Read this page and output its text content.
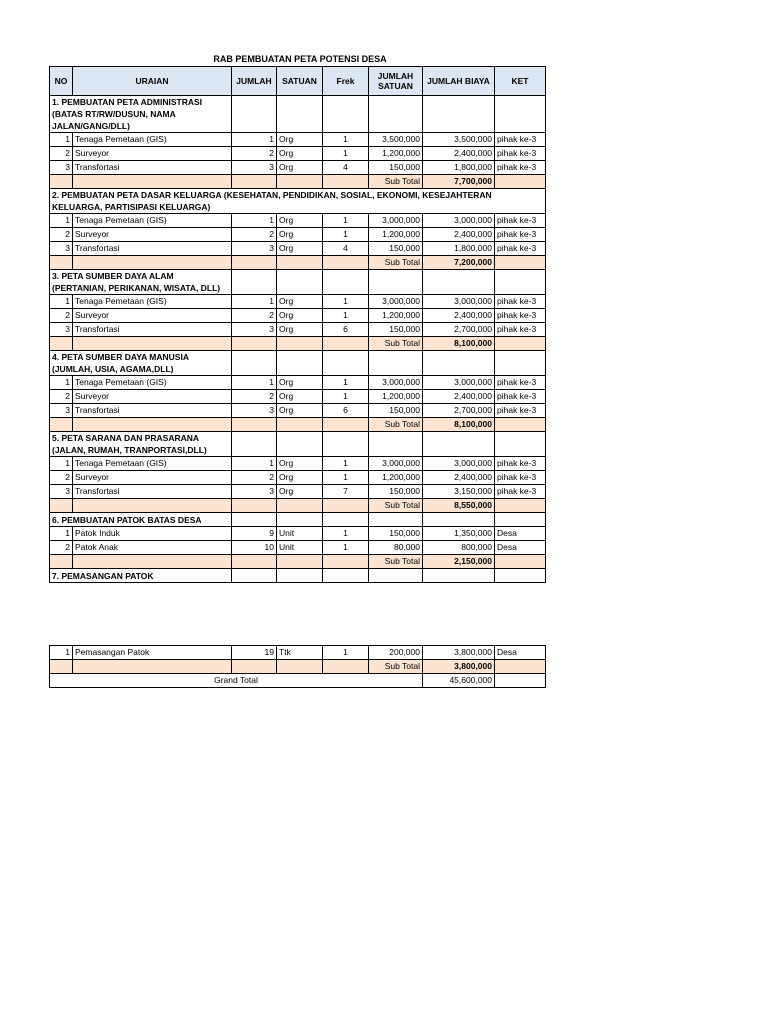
RAB PEMBUATAN PETA POTENSI DESA
NO	URAIAN	JUMLAH	SATUAN	Frek	JUMLAH SATUAN	JUMLAH BIAYA	KET
1. PEMBUATAN PETA ADMINISTRASI (BATAS RT/RW/DUSUN, NAMA JALAN/GANG/DLL)							
1	Tenaga Pemetaan (GIS)	1	Org	1	3,500,000	3,500,000	pihak ke-3
2	Surveyor	2	Org	1	1,200,000	2,400,000	pihak ke-3
3	Transfortasi	3	Org	4	150,000	1,800,000	pihak ke-3
					Sub Total	7,700,000	
2. PEMBUATAN PETA DASAR KELUARGA (KESEHATAN, PENDIDIKAN, SOSIAL, EKONOMI, KESEJAHTERAN KELUARGA, PARTISIPASI KELUARGA)							
1	Tenaga Pemetaan (GIS)	1	Org	1	3,000,000	3,000,000	pihak ke-3
2	Surveyor	2	Org	1	1,200,000	2,400,000	pihak ke-3
3	Transfortasi	3	Org	4	150,000	1,800,000	pihak ke-3
					Sub Total	7,200,000	
3. PETA SUMBER DAYA ALAM (PERTANIAN, PERIKANAN, WISATA, DLL)							
1	Tenaga Pemetaan (GIS)	1	Org	1	3,000,000	3,000,000	pihak ke-3
2	Surveyor	2	Org	1	1,200,000	2,400,000	pihak ke-3
3	Transfortasi	3	Org	6	150,000	2,700,000	pihak ke-3
					Sub Total	8,100,000	
4. PETA SUMBER DAYA MANUSIA (JUMLAH, USIA, AGAMA,DLL)							
1	Tenaga Pemetaan (GIS)	1	Org	1	3,000,000	3,000,000	pihak ke-3
2	Surveyor	2	Org	1	1,200,000	2,400,000	pihak ke-3
3	Transfortasi	3	Org	6	150,000	2,700,000	pihak ke-3
					Sub Total	8,100,000	
5. PETA SARANA DAN PRASARANA (JALAN, RUMAH, TRANPORTASI,DLL)							
1	Tenaga Pemetaan (GIS)	1	Org	1	3,000,000	3,000,000	pihak ke-3
2	Surveyor	2	Org	1	1,200,000	2,400,000	pihak ke-3
3	Transfortasi	3	Org	7	150,000	3,150,000	pihak ke-3
					Sub Total	8,550,000	
6. PEMBUATAN PATOK BATAS DESA							
1	Patok Induk	9	Unit	1	150,000	1,350,000	Desa
2	Patok Anak	10	Unit	1	80,000	800,000	Desa
					Sub Total	2,150,000	
7. PEMASANGAN PATOK							
1	Pemasangan Patok	19	Ttk	1	200,000	3,800,000	Desa
					Sub Total	3,800,000	
Grand Total						45,600,000	
